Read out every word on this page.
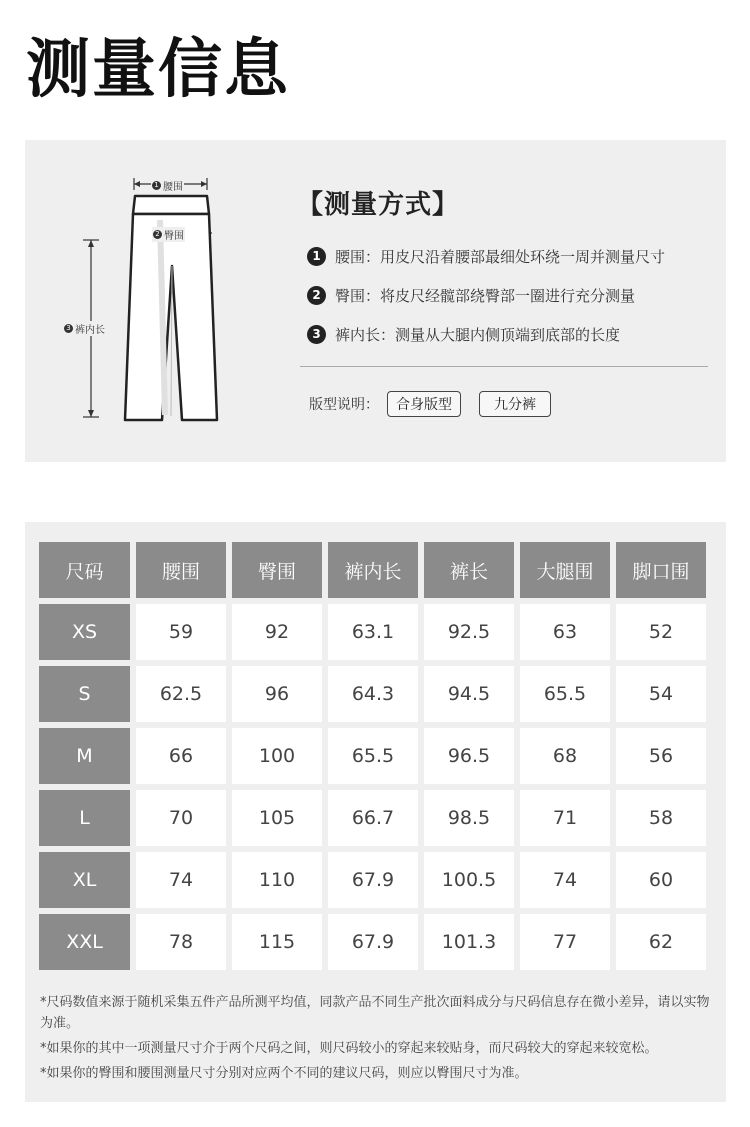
测量信息
1 腰围
2 臀围
3 裤内长
【测量方式】
1 腰围：用皮尺沿着腰部最细处环绕一周并测量尺寸
2 臀围：将皮尺经髋部绕臀部一圈进行充分测量
3 裤内长：测量从大腿内侧顶端到底部的长度
版型说明：	合身版型	九分裤
尺码	腰围	臀围	裤内长	裤长	大腿围	脚口围
XS	59	92	63.1	92.5	63	52
S	62.5	96	64.3	94.5	65.5	54
M	66	100	65.5	96.5	68	56
L	70	105	66.7	98.5	71	58
XL	74	110	67.9	100.5	74	60
XXL	78	115	67.9	101.3	77	62

*尺码数值来源于随机采集五件产品所测平均值，同款产品不同生产批次面料成分与尺码信息存在微小差异，请以实物为准。

*如果你的其中一项测量尺寸介于两个尺码之间，则尺码较小的穿起来较贴身，而尺码较大的穿起来较宽松。

*如果你的臀围和腰围测量尺寸分别对应两个不同的建议尺码，则应以臀围尺寸为准。
